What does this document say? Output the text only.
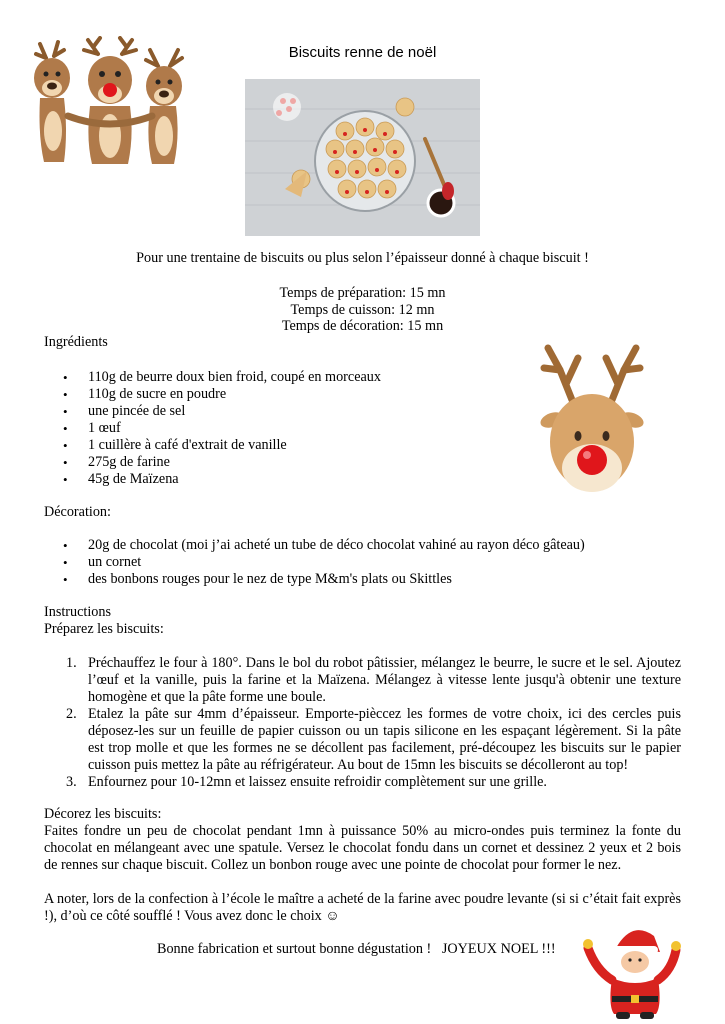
Biscuits renne de noël
Pour une trentaine de biscuits ou plus selon l’épaisseur donné à chaque biscuit !
Temps de préparation: 15 mn
Temps de cuisson: 12 mn
Temps de décoration: 15 mn
Ingrédients
• 110g de beurre doux bien froid, coupé en morceaux
• 110g de sucre en poudre
• une pincée de sel
• 1 œuf
• 1 cuillère à café d'extrait de vanille
• 275g de farine
• 45g de Maïzena
Décoration:
• 20g de chocolat (moi j’ai acheté un tube de déco chocolat vahiné au rayon déco gâteau)
• un cornet
• des bonbons rouges pour le nez de type M&m's plats ou Skittles
Instructions
Préparez les biscuits:
1. Préchauffez le four à 180°. Dans le bol du robot pâtissier, mélangez le beurre, le sucre et le sel. Ajoutez l’œuf et la vanille, puis la farine et la Maïzena. Mélangez à vitesse lente jusqu'à obtenir une texture homogène et que la pâte forme une boule.
2. Etalez la pâte sur 4mm d’épaisseur. Emporte-pièccez les formes de votre choix, ici des cercles puis déposez-les sur un feuille de papier cuisson ou un tapis silicone en les espaçant légèrement. Si la pâte est trop molle et que les formes ne se décollent pas facilement, pré-découpez les biscuits sur le papier cuisson puis mettez la pâte au réfrigérateur. Au bout de 15mn les biscuits se décolleront au top!
3. Enfournez pour 10-12mn et laissez ensuite refroidir complètement sur une grille.
Décorez les biscuits:
Faites fondre un peu de chocolat pendant 1mn à puissance 50% au micro-ondes puis terminez la fonte du chocolat en mélangeant avec une spatule. Versez le chocolat fondu dans un cornet et dessinez 2 yeux et 2 bois de rennes sur chaque biscuit. Collez un bonbon rouge avec une pointe de chocolat pour former le nez.
A noter, lors de la confection à l’école le maître a acheté de la farine avec poudre levante (si si c’était fait exprès !), d’où ce côté soufflé ! Vous avez donc le choix ☺
Bonne fabrication et surtout bonne dégustation !   JOYEUX NOEL !!!
